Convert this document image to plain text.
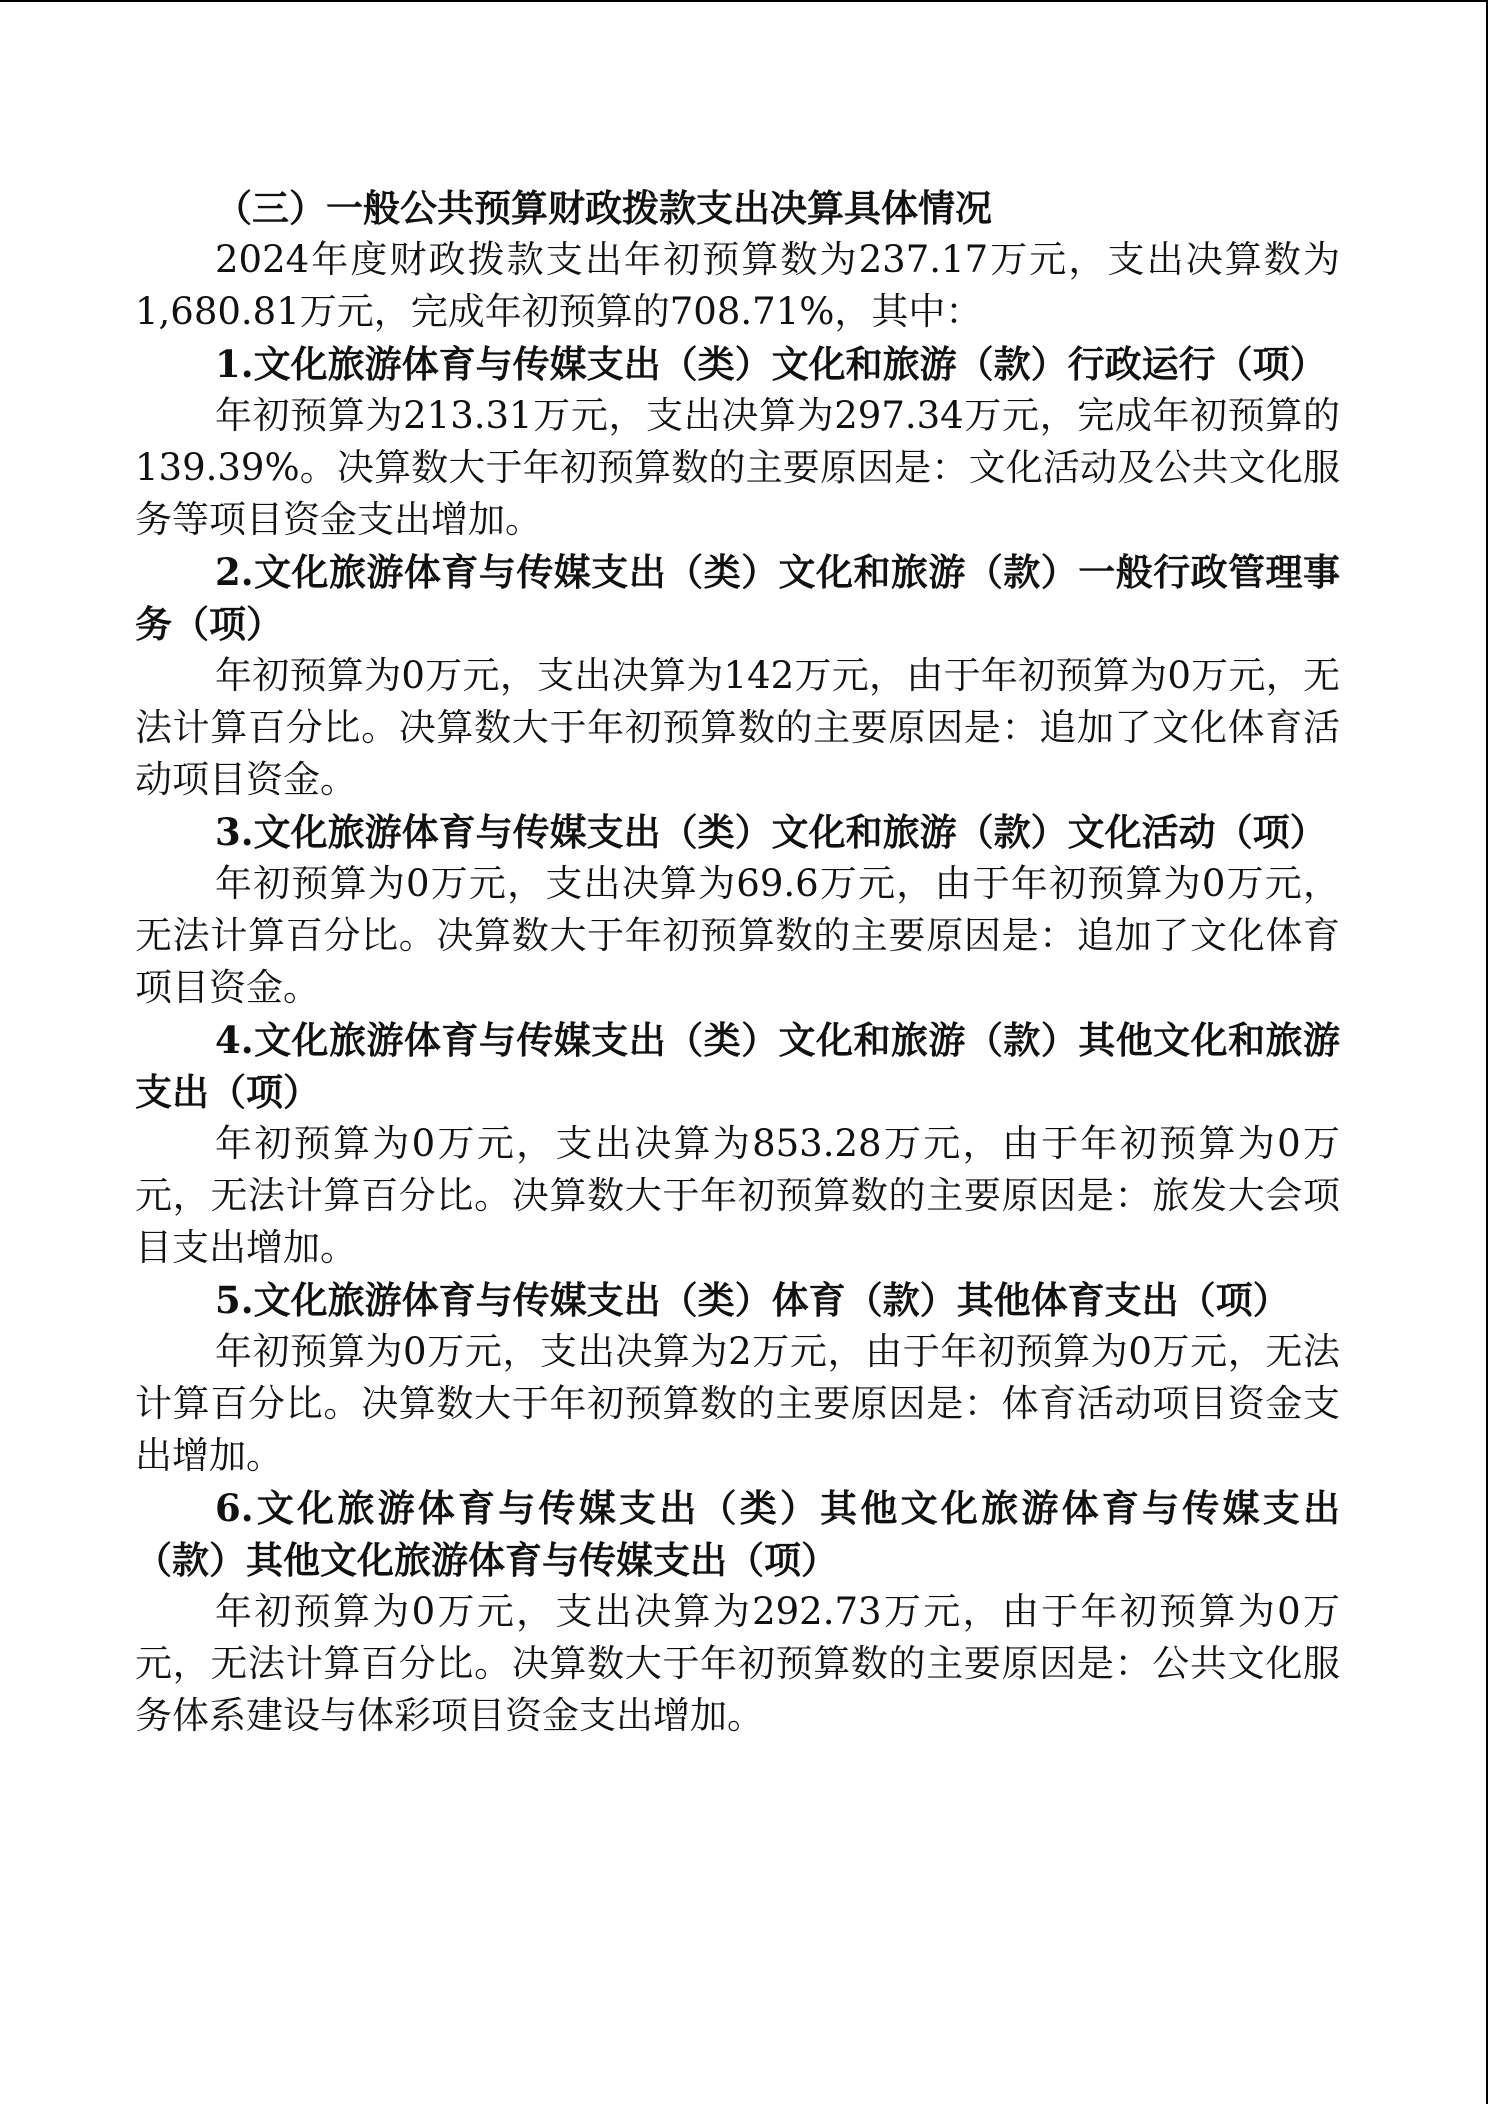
（三）一般公共预算财政拨款支出决算具体情况

2024年度财政拨款支出年初预算数为237.17万元，支出决算数为1,680.81万元，完成年初预算的708.71%，其中：

1.文化旅游体育与传媒支出（类）文化和旅游（款）行政运行（项）

年初预算为213.31万元，支出决算为297.34万元，完成年初预算的139.39%。决算数大于年初预算数的主要原因是：文化活动及公共文化服务等项目资金支出增加。

2.文化旅游体育与传媒支出（类）文化和旅游（款）一般行政管理事务（项）

年初预算为0万元，支出决算为142万元，由于年初预算为0万元，无法计算百分比。决算数大于年初预算数的主要原因是：追加了文化体育活动项目资金。

3.文化旅游体育与传媒支出（类）文化和旅游（款）文化活动（项）

年初预算为0万元，支出决算为69.6万元，由于年初预算为0万元，无法计算百分比。决算数大于年初预算数的主要原因是：追加了文化体育项目资金。

4.文化旅游体育与传媒支出（类）文化和旅游（款）其他文化和旅游支出（项）

年初预算为0万元，支出决算为853.28万元，由于年初预算为0万元，无法计算百分比。决算数大于年初预算数的主要原因是：旅发大会项目支出增加。

5.文化旅游体育与传媒支出（类）体育（款）其他体育支出（项）

年初预算为0万元，支出决算为2万元，由于年初预算为0万元，无法计算百分比。决算数大于年初预算数的主要原因是：体育活动项目资金支出增加。

6.文化旅游体育与传媒支出（类）其他文化旅游体育与传媒支出（款）其他文化旅游体育与传媒支出（项）

年初预算为0万元，支出决算为292.73万元，由于年初预算为0万元，无法计算百分比。决算数大于年初预算数的主要原因是：公共文化服务体系建设与体彩项目资金支出增加。
